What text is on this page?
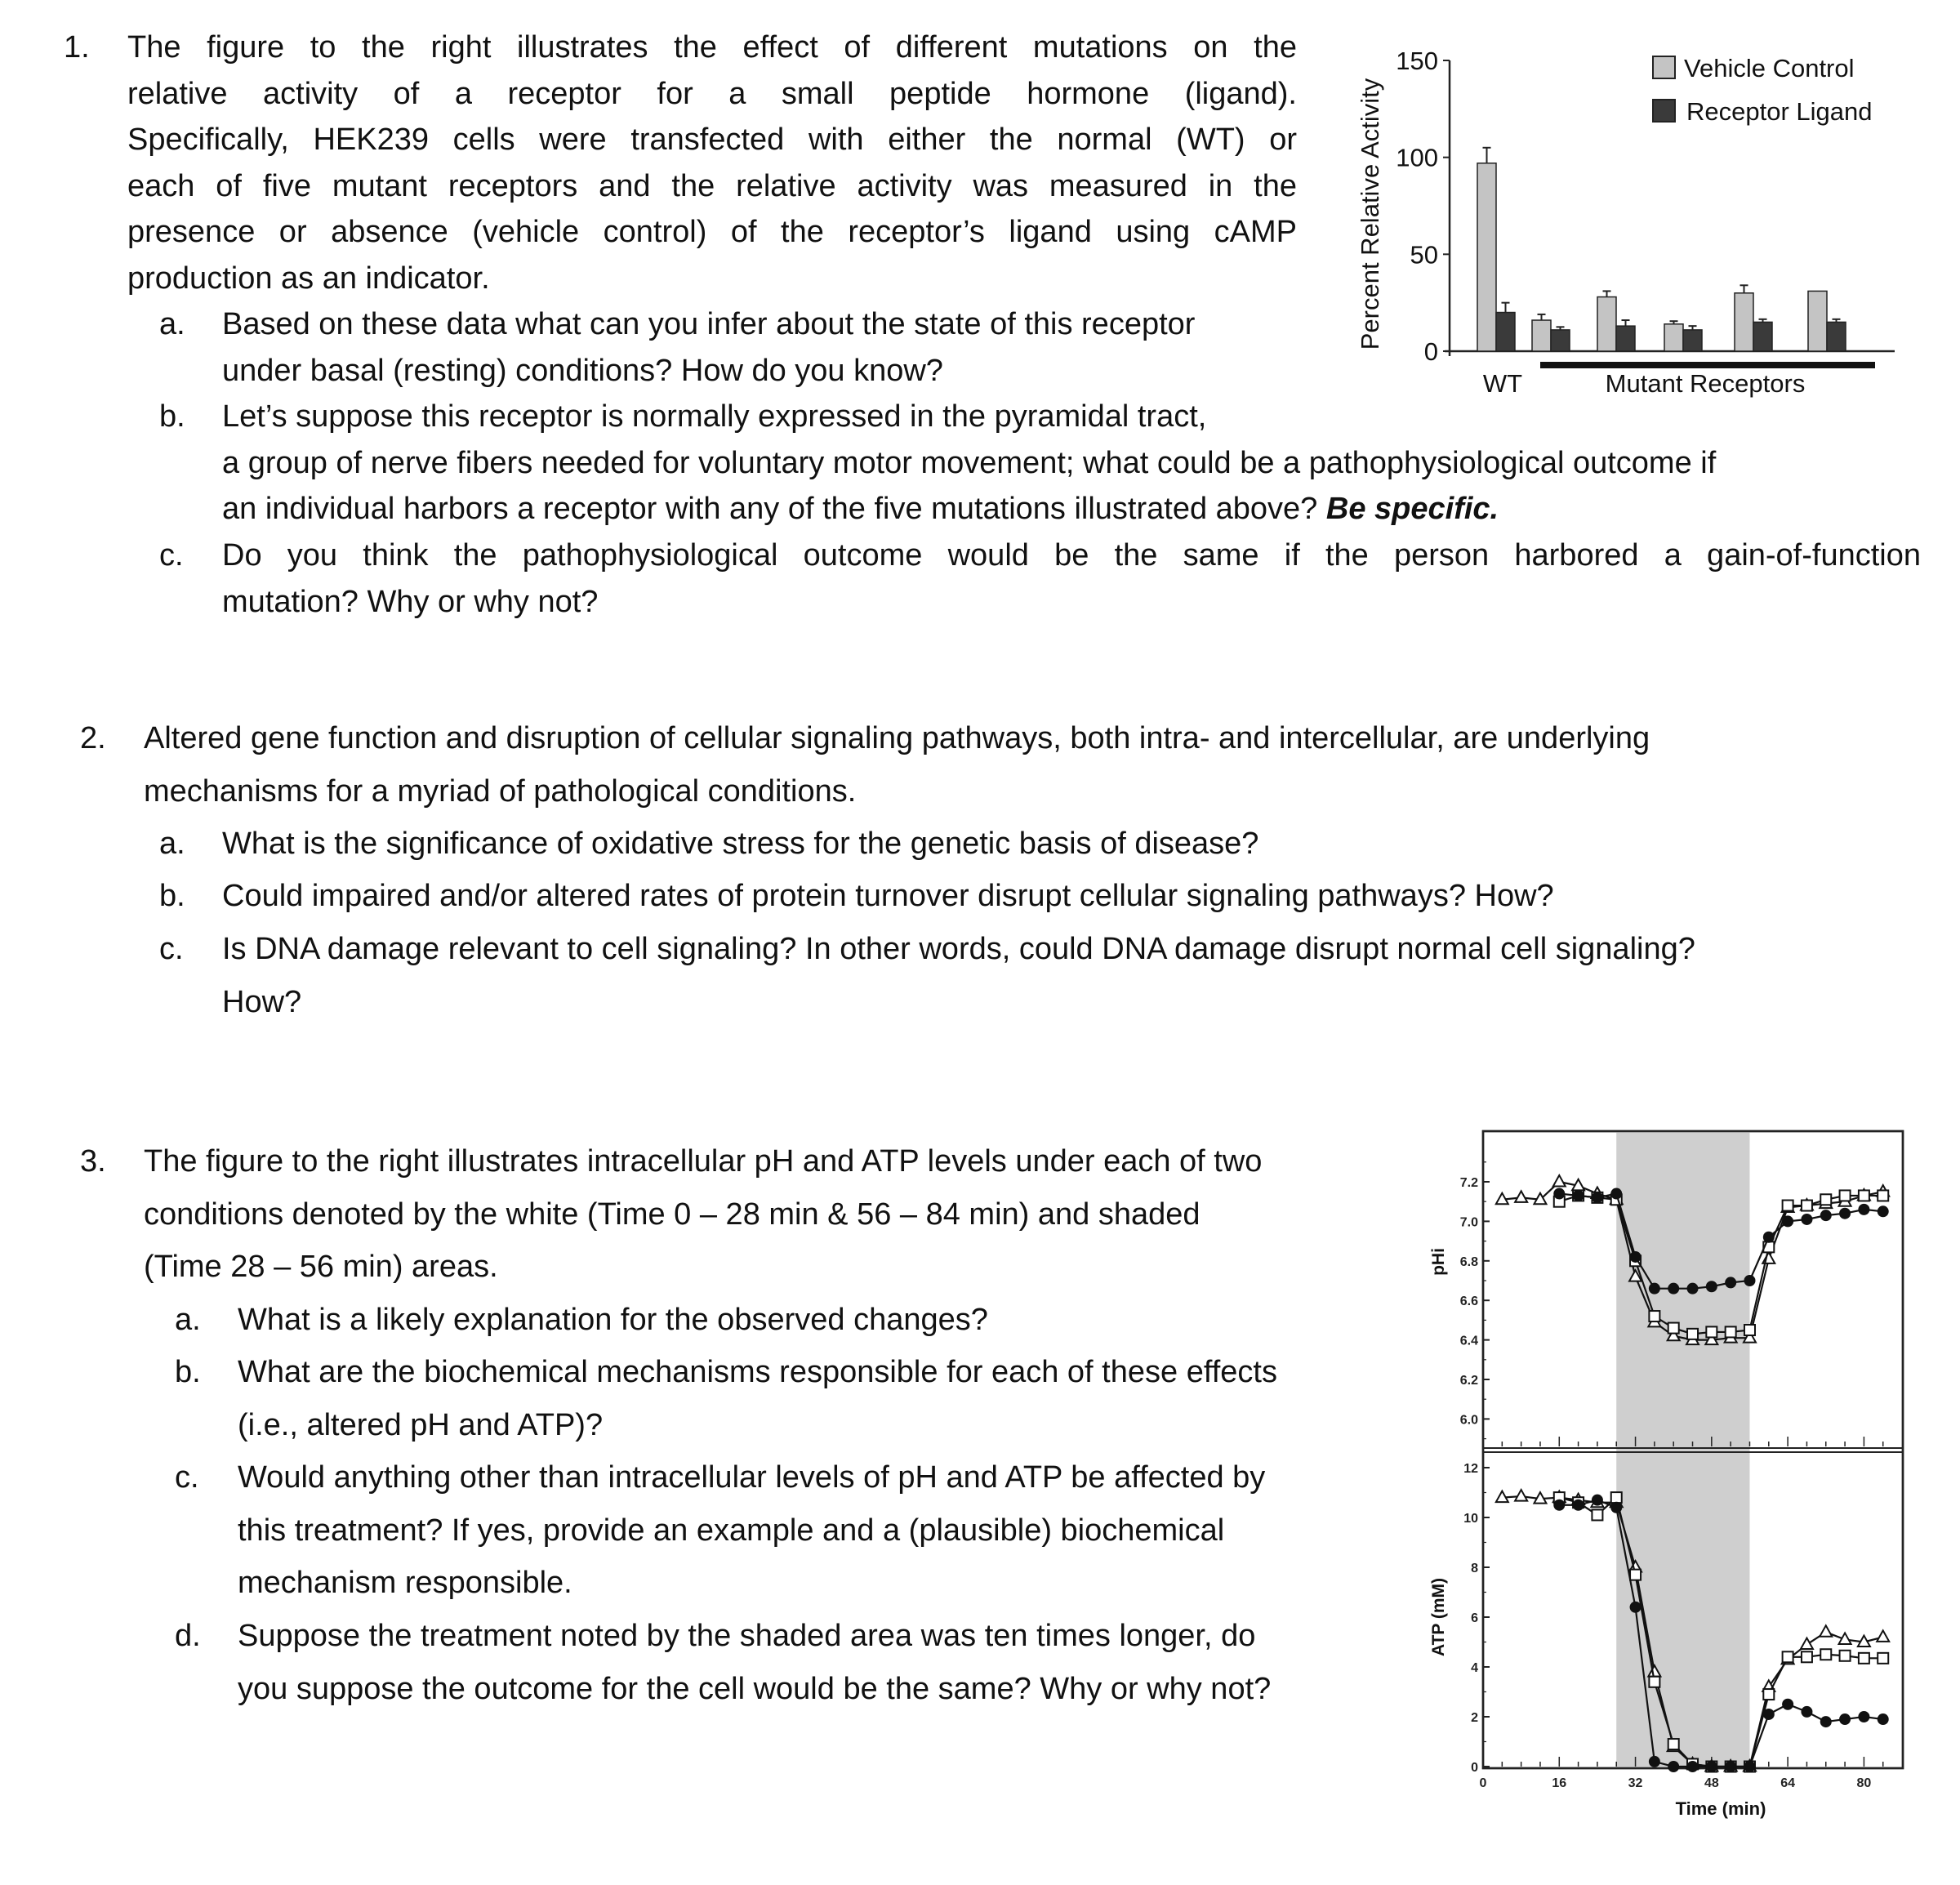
1. The figure to the right illustrates the effect of different mutations on the
relative activity of a receptor for a small peptide hormone (ligand).
Specifically, HEK239 cells were transfected with either the normal (WT) or
each of five mutant receptors and the relative activity was measured in the
presence or absence (vehicle control) of the receptor’s ligand using cAMP
production as an indicator.
a. Based on these data what can you infer about the state of this receptor
under basal (resting) conditions? How do you know?
b. Let’s suppose this receptor is normally expressed in the pyramidal tract,
a group of nerve fibers needed for voluntary motor movement; what could be a pathophysiological outcome if
an individual harbors a receptor with any of the five mutations illustrated above? Be specific.
c. Do you think the pathophysiological outcome would be the same if the person harbored a gain-of-function
mutation? Why or why not?
0
50
100
150
Percent Relative Activity
WT	Mutant Receptors
Vehicle Control
Receptor Ligand
2. Altered gene function and disruption of cellular signaling pathways, both intra- and intercellular, are underlying
mechanisms for a myriad of pathological conditions.
a. What is the significance of oxidative stress for the genetic basis of disease?
b. Could impaired and/or altered rates of protein turnover disrupt cellular signaling pathways? How?
c. Is DNA damage relevant to cell signaling? In other words, could DNA damage disrupt normal cell signaling?
How?
3. The figure to the right illustrates intracellular pH and ATP levels under each of two
conditions denoted by the white (Time 0 – 28 min & 56 – 84 min) and shaded
(Time 28 – 56 min) areas.
a. What is a likely explanation for the observed changes?
b. What are the biochemical mechanisms responsible for each of these effects
(i.e., altered pH and ATP)?
c. Would anything other than intracellular levels of pH and ATP be affected by
this treatment? If yes, provide an example and a (plausible) biochemical
mechanism responsible.
d. Suppose the treatment noted by the shaded area was ten times longer, do
you suppose the outcome for the cell would be the same? Why or why not?
6.0
6.2
6.4
6.6
6.8
7.0
7.2
pHi
0
2
4
6
8
10
12
ATP (mM)
0	16	32	48	64	80
Time (min)
